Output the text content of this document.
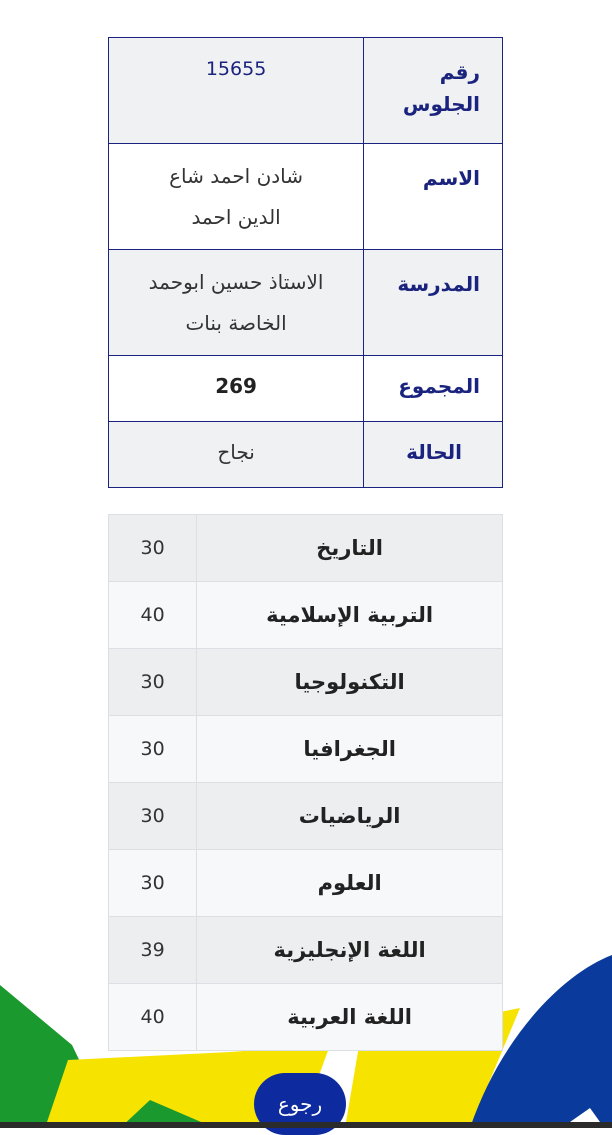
رقم الجلوس	15655
الاسم	شادن احمد شاع الدين احمد
المدرسة	الاستاذ حسين ابوحمد الخاصة بنات
المجموع	269
الحالة	نجاح
التاريخ	30
التربية الإسلامية	40
التكنولوجيا	30
الجغرافيا	30
الرياضيات	30
العلوم	30
اللغة الإنجليزية	39
اللغة العربية	40
رجوع
